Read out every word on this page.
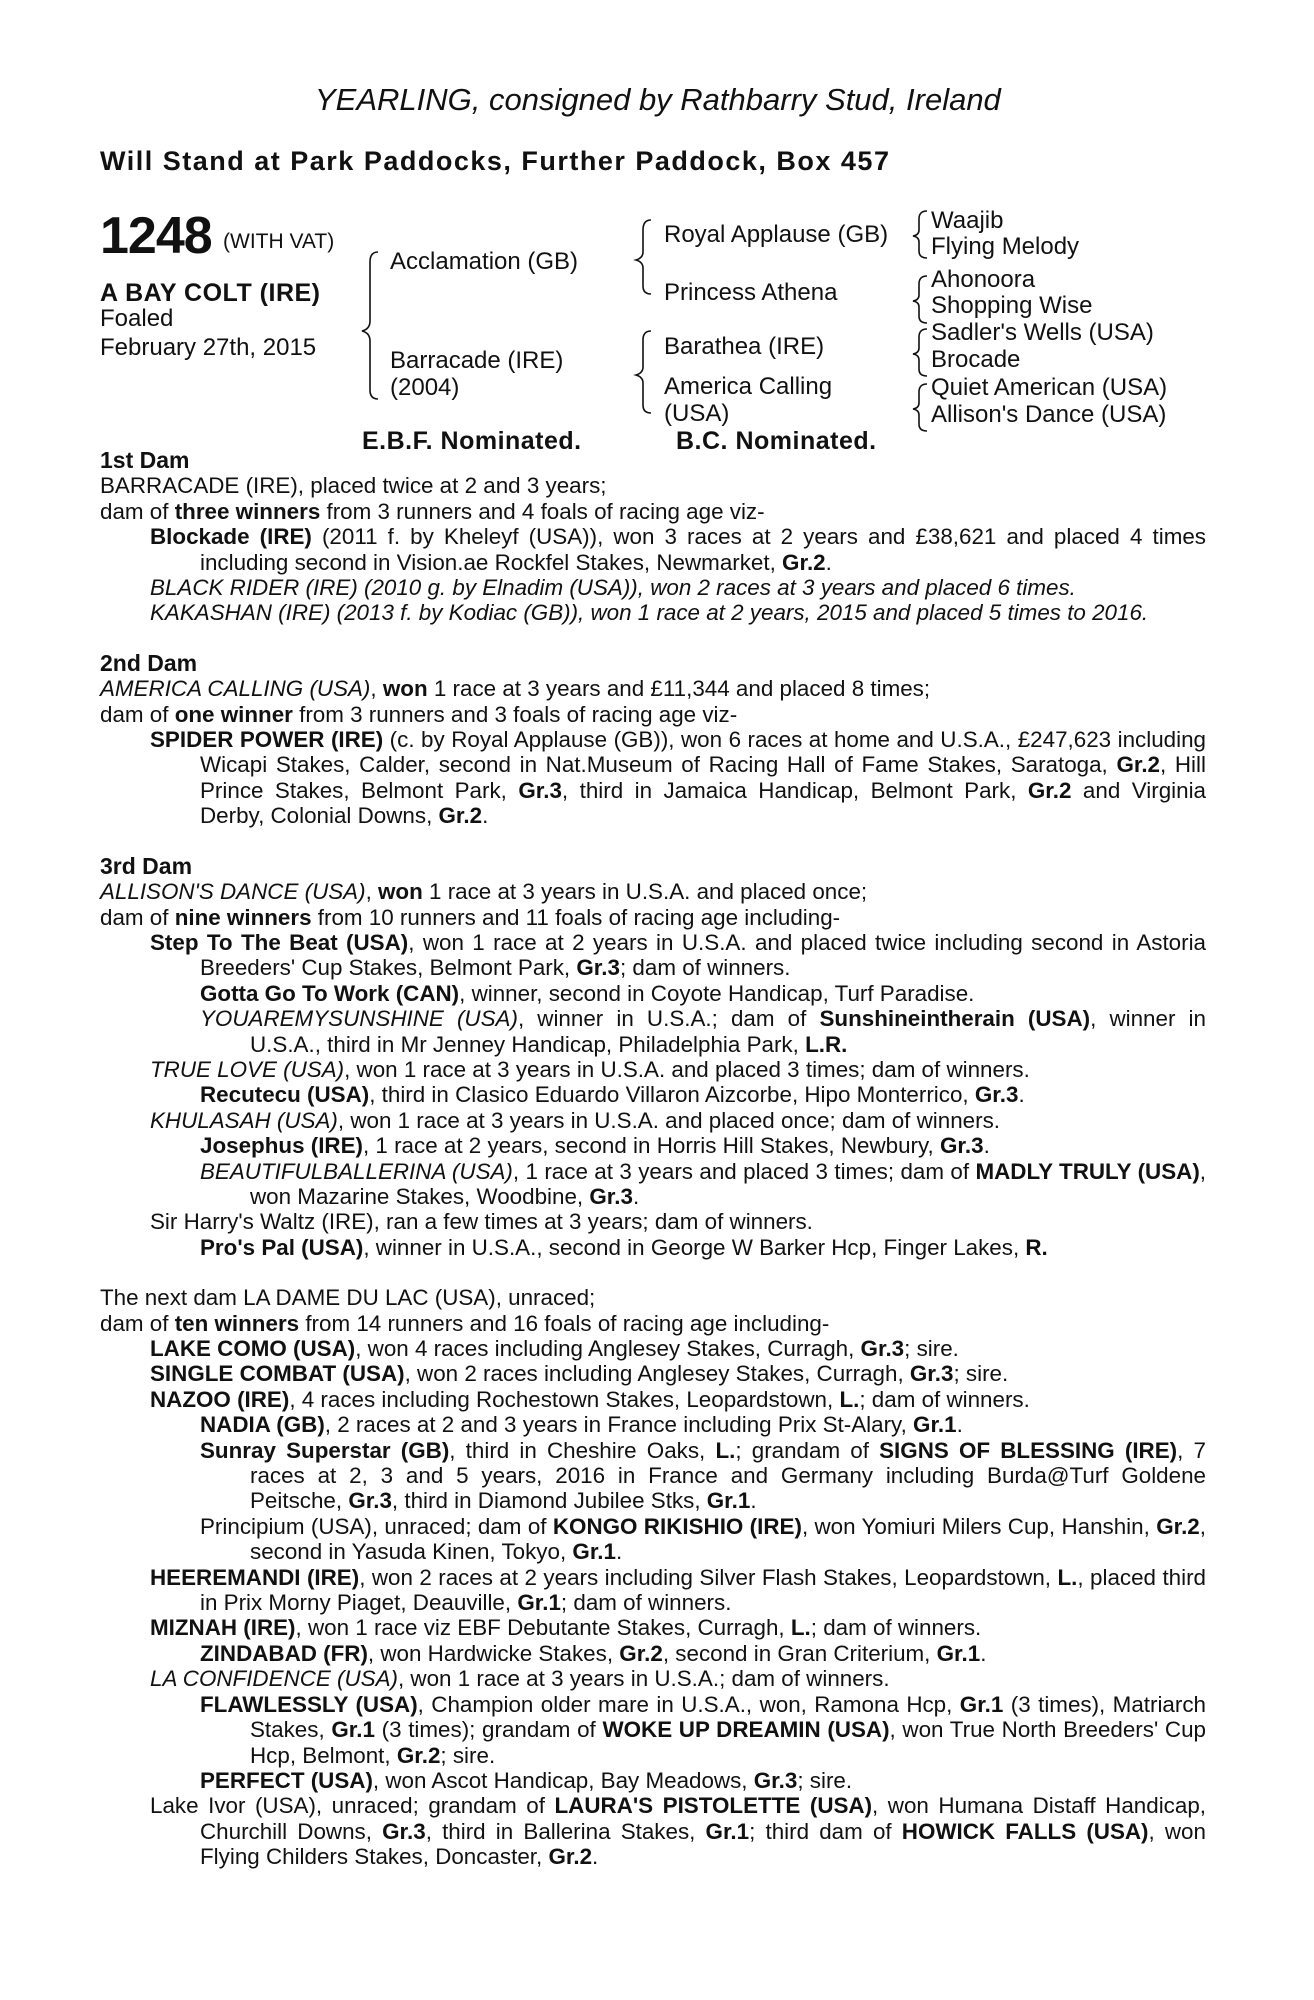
YEARLING, consigned by Rathbarry Stud, Ireland
Will Stand at Park Paddocks, Further Paddock, Box 457
1248 (WITH VAT)
A BAY COLT (IRE)
Foaled
February 27th, 2015
Acclamation (GB)
Barracade (IRE)
(2004)
Royal Applause (GB)
Princess Athena
Barathea (IRE)
America Calling
(USA)
Waajib
Flying Melody
Ahonoora
Shopping Wise
Sadler's Wells (USA)
Brocade
Quiet American (USA)
Allison's Dance (USA)
E.B.F. Nominated.	B.C. Nominated.

1st Dam

BARRACADE (IRE), placed twice at 2 and 3 years;

dam of three winners from 3 runners and 4 foals of racing age viz-

Blockade (IRE) (2011 f. by Kheleyf (USA)), won 3 races at 2 years and £38,621 and placed 4 times including second in Vision.ae Rockfel Stakes, Newmarket, Gr.2.

BLACK RIDER (IRE) (2010 g. by Elnadim (USA)), won 2 races at 3 years and placed 6 times.

KAKASHAN (IRE) (2013 f. by Kodiac (GB)), won 1 race at 2 years, 2015 and placed 5 times to 2016.

2nd Dam

AMERICA CALLING (USA), won 1 race at 3 years and £11,344 and placed 8 times;

dam of one winner from 3 runners and 3 foals of racing age viz-

SPIDER POWER (IRE) (c. by Royal Applause (GB)), won 6 races at home and U.S.A., £247,623 including Wicapi Stakes, Calder, second in Nat.Museum of Racing Hall of Fame Stakes, Saratoga, Gr.2, Hill Prince Stakes, Belmont Park, Gr.3, third in Jamaica Handicap, Belmont Park, Gr.2 and Virginia Derby, Colonial Downs, Gr.2.

3rd Dam

ALLISON'S DANCE (USA), won 1 race at 3 years in U.S.A. and placed once;

dam of nine winners from 10 runners and 11 foals of racing age including-

Step To The Beat (USA), won 1 race at 2 years in U.S.A. and placed twice including second in Astoria Breeders' Cup Stakes, Belmont Park, Gr.3; dam of winners.

Gotta Go To Work (CAN), winner, second in Coyote Handicap, Turf Paradise.

YOUAREMYSUNSHINE (USA), winner in U.S.A.; dam of Sunshineintherain (USA), winner in U.S.A., third in Mr Jenney Handicap, Philadelphia Park, L.R.

TRUE LOVE (USA), won 1 race at 3 years in U.S.A. and placed 3 times; dam of winners.

Recutecu (USA), third in Clasico Eduardo Villaron Aizcorbe, Hipo Monterrico, Gr.3.

KHULASAH (USA), won 1 race at 3 years in U.S.A. and placed once; dam of winners.

Josephus (IRE), 1 race at 2 years, second in Horris Hill Stakes, Newbury, Gr.3.

BEAUTIFULBALLERINA (USA), 1 race at 3 years and placed 3 times; dam of MADLY TRULY (USA), won Mazarine Stakes, Woodbine, Gr.3.

Sir Harry's Waltz (IRE), ran a few times at 3 years; dam of winners.

Pro's Pal (USA), winner in U.S.A., second in George W Barker Hcp, Finger Lakes, R.

The next dam LA DAME DU LAC (USA), unraced;

dam of ten winners from 14 runners and 16 foals of racing age including-

LAKE COMO (USA), won 4 races including Anglesey Stakes, Curragh, Gr.3; sire.

SINGLE COMBAT (USA), won 2 races including Anglesey Stakes, Curragh, Gr.3; sire.

NAZOO (IRE), 4 races including Rochestown Stakes, Leopardstown, L.; dam of winners.

NADIA (GB), 2 races at 2 and 3 years in France including Prix St-Alary, Gr.1.

Sunray Superstar (GB), third in Cheshire Oaks, L.; grandam of SIGNS OF BLESSING (IRE), 7 races at 2, 3 and 5 years, 2016 in France and Germany including Burda@Turf Goldene Peitsche, Gr.3, third in Diamond Jubilee Stks, Gr.1.

Principium (USA), unraced; dam of KONGO RIKISHIO (IRE), won Yomiuri Milers Cup, Hanshin, Gr.2, second in Yasuda Kinen, Tokyo, Gr.1.

HEEREMANDI (IRE), won 2 races at 2 years including Silver Flash Stakes, Leopardstown, L., placed third in Prix Morny Piaget, Deauville, Gr.1; dam of winners.

MIZNAH (IRE), won 1 race viz EBF Debutante Stakes, Curragh, L.; dam of winners.

ZINDABAD (FR), won Hardwicke Stakes, Gr.2, second in Gran Criterium, Gr.1.

LA CONFIDENCE (USA), won 1 race at 3 years in U.S.A.; dam of winners.

FLAWLESSLY (USA), Champion older mare in U.S.A., won, Ramona Hcp, Gr.1 (3 times), Matriarch Stakes, Gr.1 (3 times); grandam of WOKE UP DREAMIN (USA), won True North Breeders' Cup Hcp, Belmont, Gr.2; sire.

PERFECT (USA), won Ascot Handicap, Bay Meadows, Gr.3; sire.

Lake Ivor (USA), unraced; grandam of LAURA'S PISTOLETTE (USA), won Humana Distaff Handicap, Churchill Downs, Gr.3, third in Ballerina Stakes, Gr.1; third dam of HOWICK FALLS (USA), won Flying Childers Stakes, Doncaster, Gr.2.
